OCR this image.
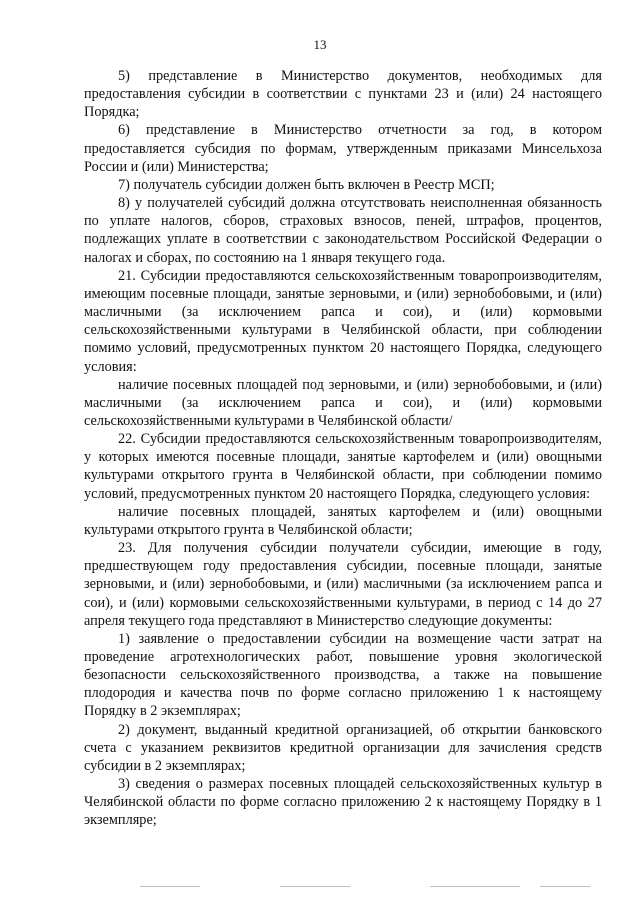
13

5) представление в Министерство документов, необходимых для предоставления субсидии в соответствии с пунктами 23 и (или) 24 настоящего Порядка;

6) представление в Министерство отчетности за год, в котором предоставляется субсидия по формам, утвержденным приказами Минсельхоза России и (или) Министерства;

7) получатель субсидии должен быть включен в Реестр МСП;

8) у получателей субсидий должна отсутствовать неисполненная обязанность по уплате налогов, сборов, страховых взносов, пеней, штрафов, процентов, подлежащих уплате в соответствии с законодательством Российской Федерации о налогах и сборах, по состоянию на 1 января текущего года.

21. Субсидии предоставляются сельскохозяйственным товаропроизводителям, имеющим посевные площади, занятые зерновыми, и (или) зернобобовыми, и (или) масличными (за исключением рапса и сои), и (или) кормовыми сельскохозяйственными культурами в Челябинской области, при соблюдении помимо условий, предусмотренных пунктом 20 настоящего Порядка, следующего условия:

наличие посевных площадей под зерновыми, и (или) зернобобовыми, и (или) масличными (за исключением рапса и сои), и (или) кормовыми сельскохозяйственными культурами в Челябинской области/

22. Субсидии предоставляются сельскохозяйственным товаропроизводителям, у которых имеются посевные площади, занятые картофелем и (или) овощными культурами открытого грунта в Челябинской области, при соблюдении помимо условий, предусмотренных пунктом 20 настоящего Порядка, следующего условия:

наличие посевных площадей, занятых картофелем и (или) овощными культурами открытого грунта в Челябинской области;

23. Для получения субсидии получатели субсидии, имеющие в году, предшествующем году предоставления субсидии, посевные площади, занятые зерновыми, и (или) зернобобовыми, и (или) масличными (за исключением рапса и сои), и (или) кормовыми сельскохозяйственными культурами, в период с 14 до 27 апреля текущего года представляют в Министерство следующие документы:

1) заявление о предоставлении субсидии на возмещение части затрат на проведение агротехнологических работ, повышение уровня экологической безопасности сельскохозяйственного производства, а также на повышение плодородия и качества почв по форме согласно приложению 1 к настоящему Порядку в 2 экземплярах;

2) документ, выданный кредитной организацией, об открытии банковского счета с указанием реквизитов кредитной организации для зачисления средств субсидии в 2 экземплярах;

3) сведения о размерах посевных площадей сельскохозяйственных культур в Челябинской области по форме согласно приложению 2 к настоящему Порядку в 1 экземпляре;
